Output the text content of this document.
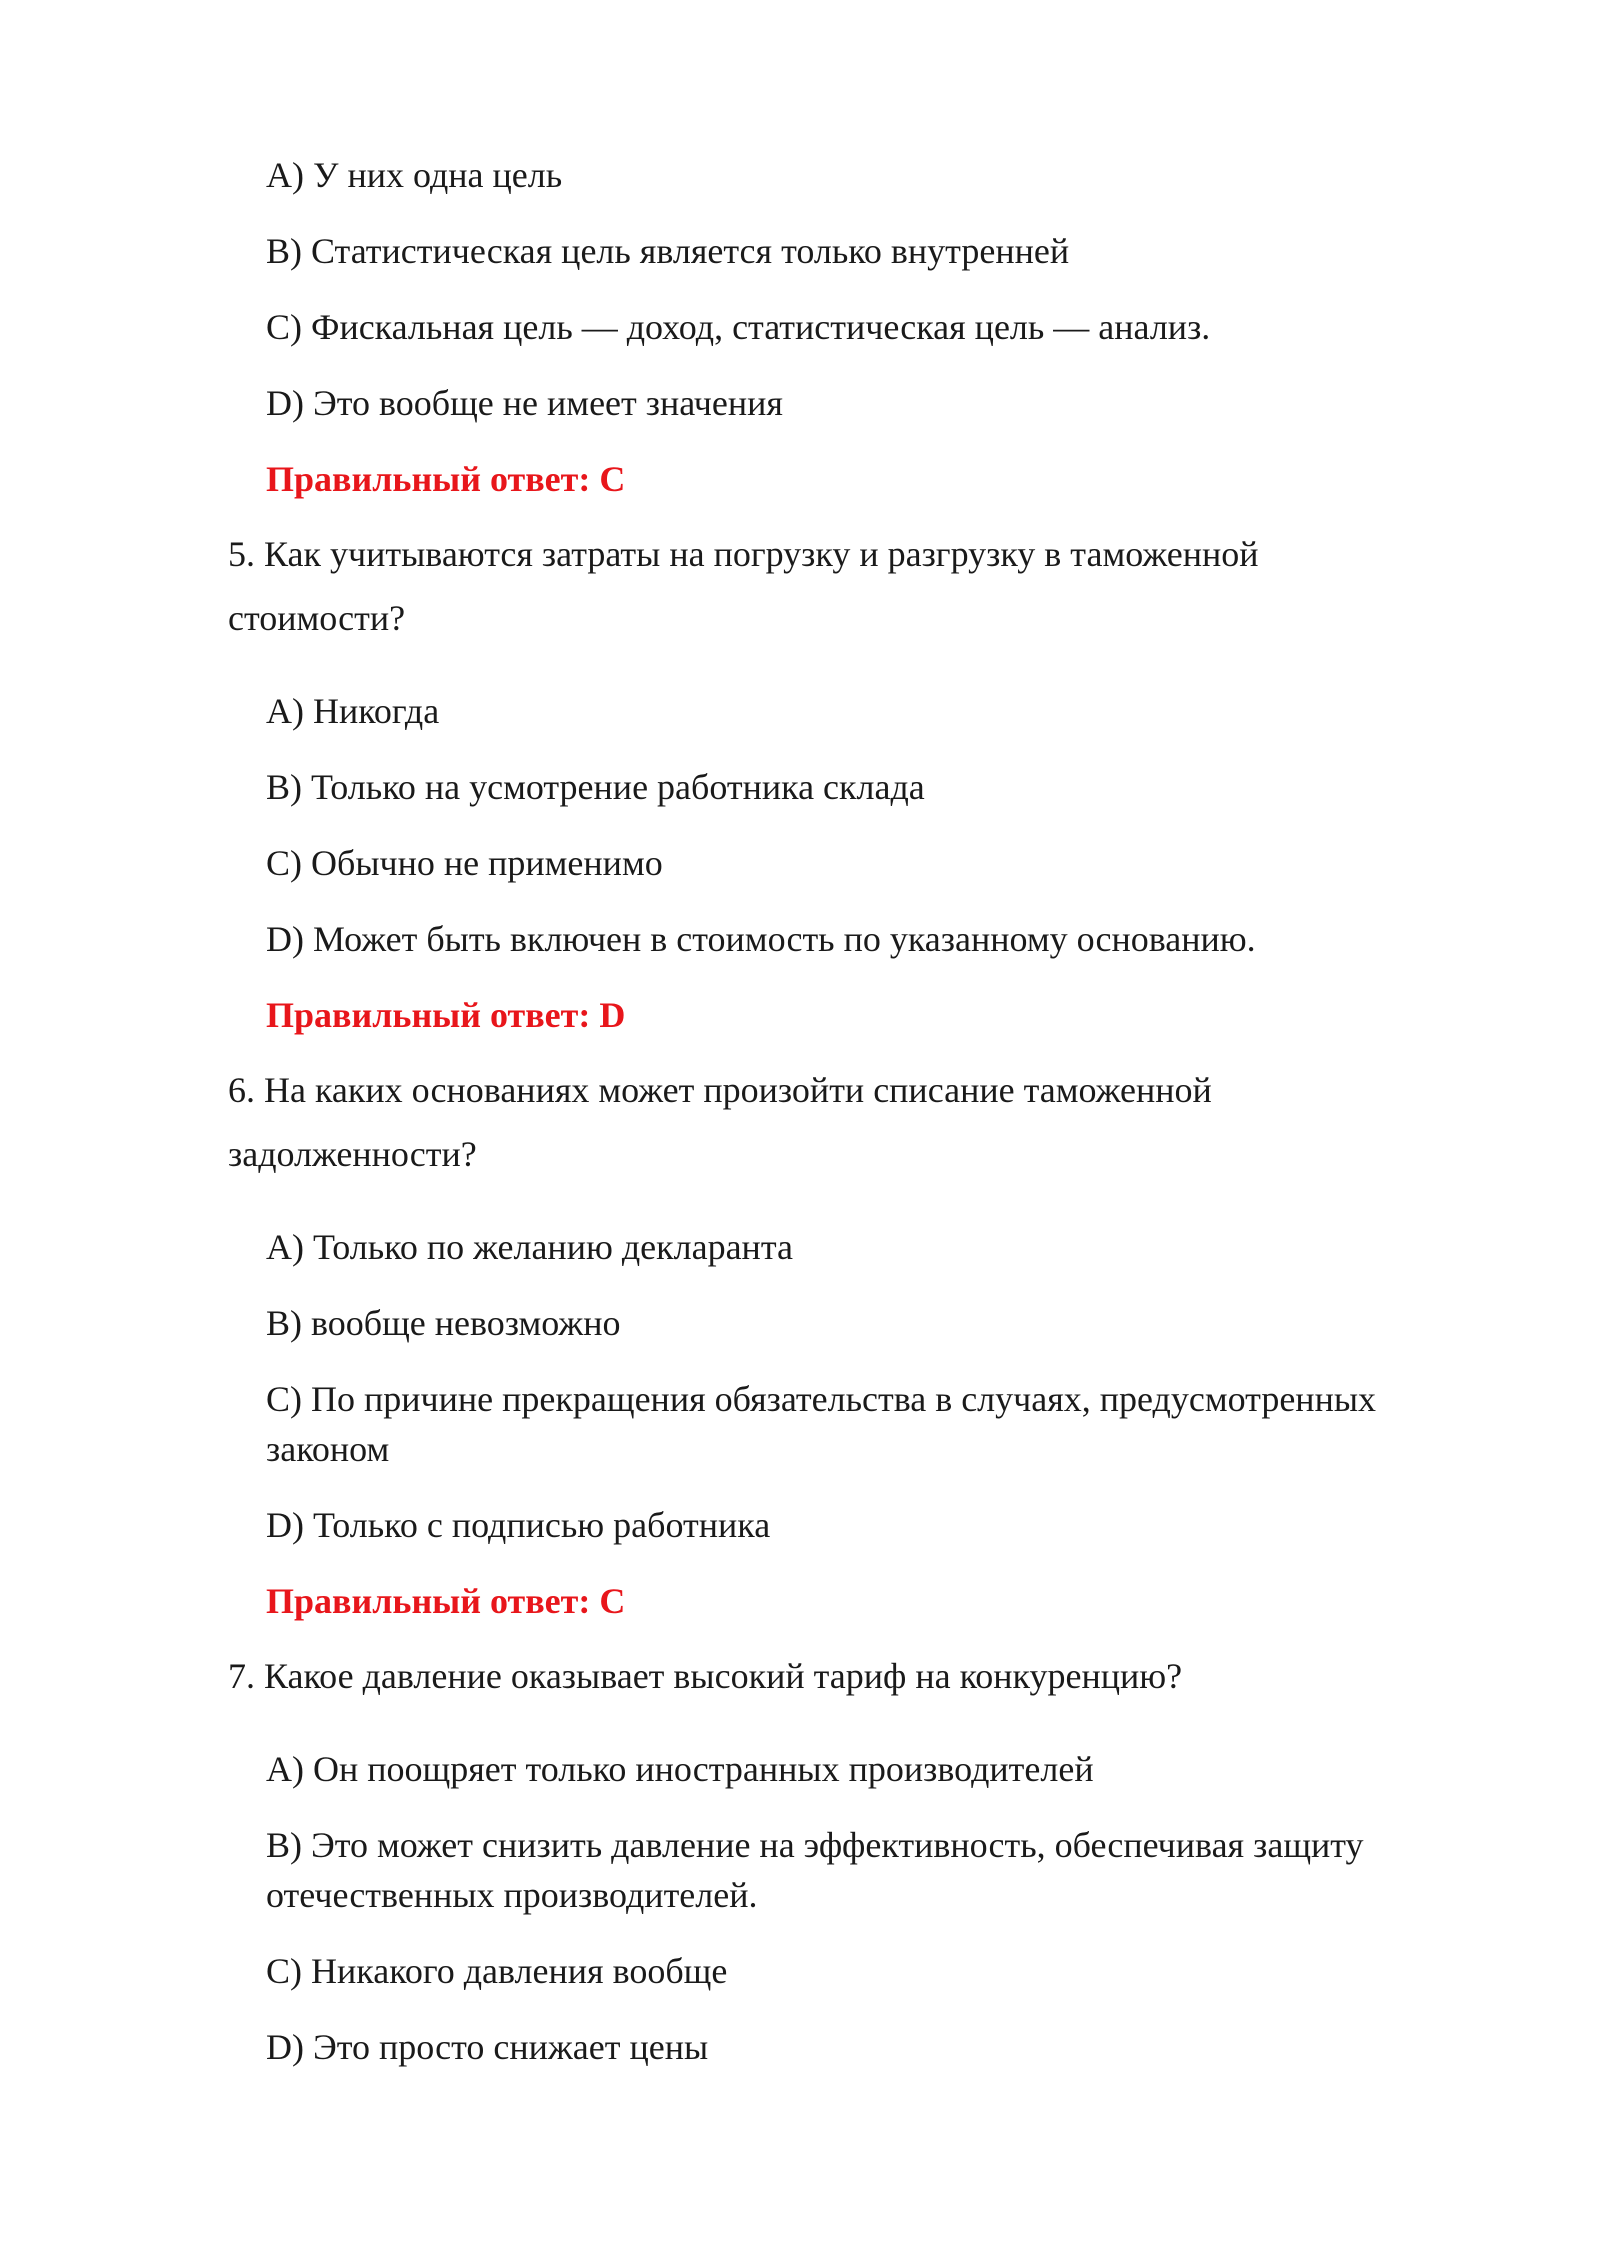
A) У них одна цель

B) Статистическая цель является только внутренней

C) Фискальная цель — доход, статистическая цель — анализ.

D) Это вообще не имеет значения

Правильный ответ: C

5. Как учитываются затраты на погрузку и разгрузку в таможенной стоимости?

A) Никогда

B) Только на усмотрение работника склада

C) Обычно не применимо

D) Может быть включен в стоимость по указанному основанию.

Правильный ответ: D

6. На каких основаниях может произойти списание таможенной задолженности?

A) Только по желанию декларанта

B) вообще невозможно

C) По причине прекращения обязательства в случаях, предусмотренных законом

D) Только с подписью работника

Правильный ответ: C

7. Какое давление оказывает высокий тариф на конкуренцию?

A) Он поощряет только иностранных производителей

B) Это может снизить давление на эффективность, обеспечивая защиту отечественных производителей.

C) Никакого давления вообще

D) Это просто снижает цены
